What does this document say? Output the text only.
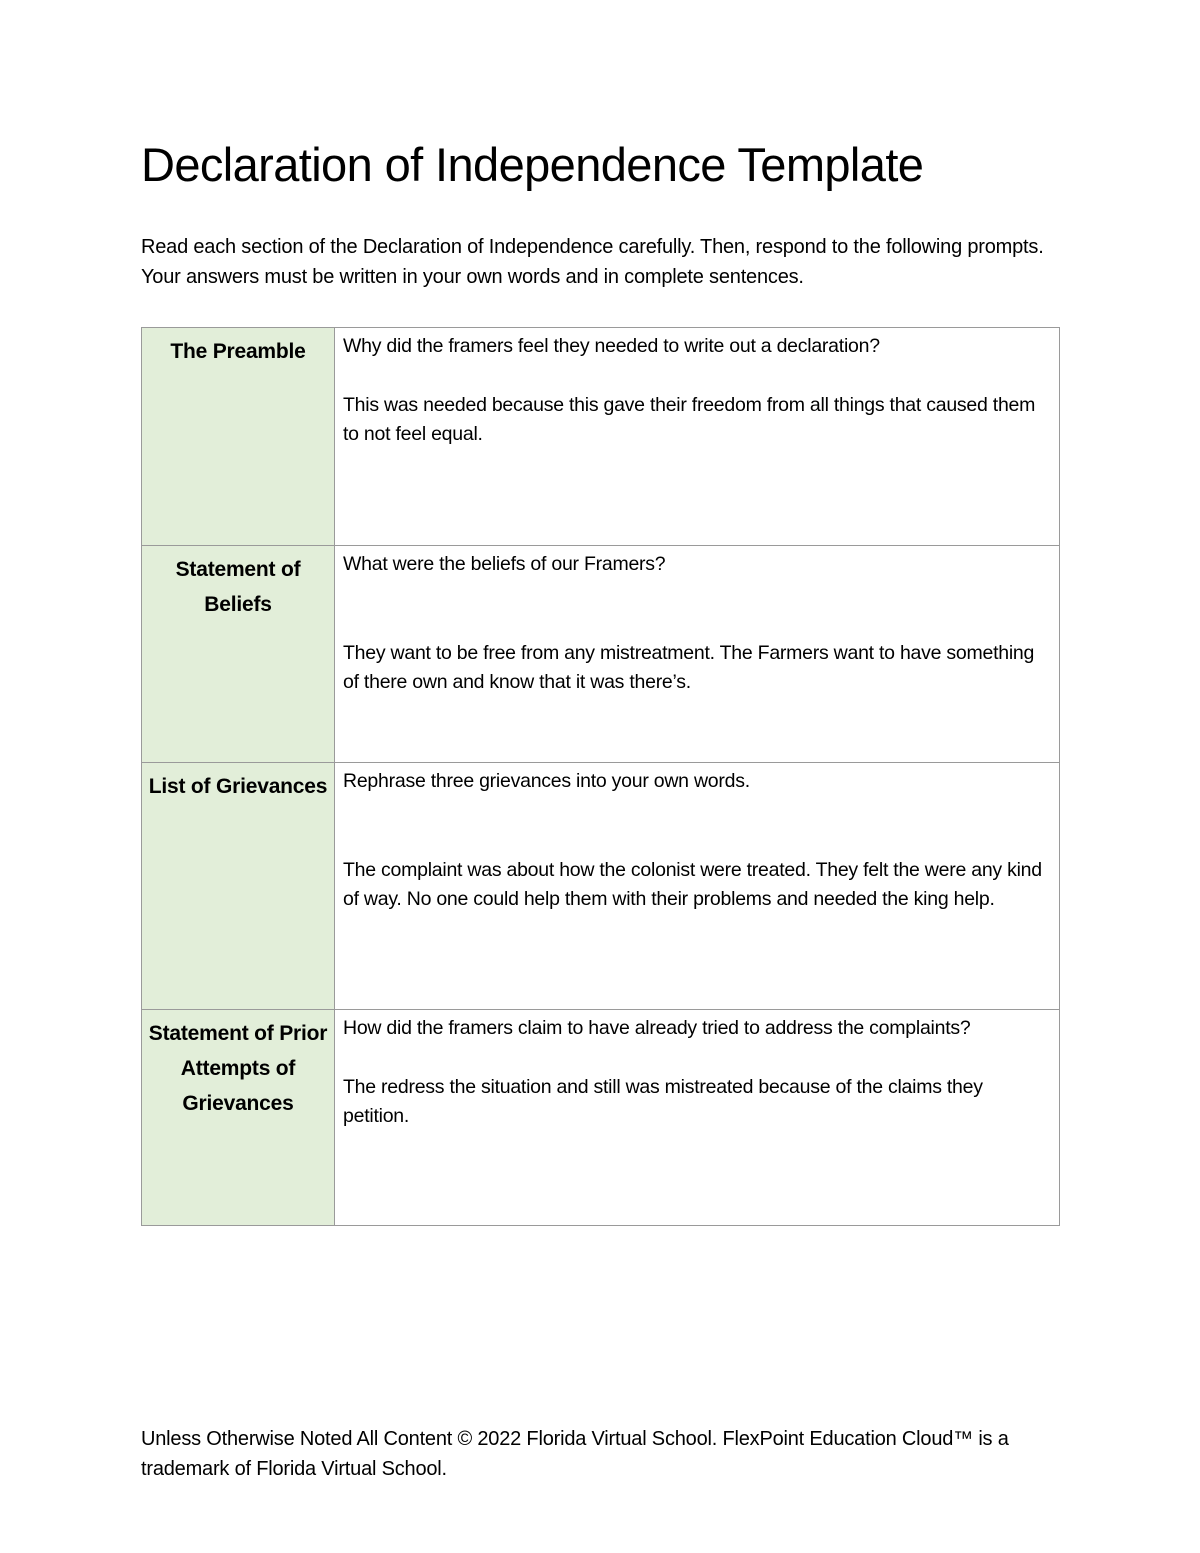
Declaration of Independence Template

Read each section of the Declaration of Independence carefully. Then, respond to the following prompts. Your answers must be written in your own words and in complete sentences.

The Preamble	Why did the framers feel they needed to write out a declaration?

This was needed because this gave their freedom from all things that caused them to not feel equal.

Statement of Beliefs	What were the beliefs of our Framers?

They want to be free from any mistreatment. The Farmers want to have something of there own and know that it was there’s.

List of Grievances	Rephrase three grievances into your own words.

The complaint was about how the colonist were treated. They felt the were any kind of way. No one could help them with their problems and needed the king help.

Statement of Prior Attempts of Grievances	How did the framers claim to have already tried to address the complaints?

The redress the situation and still was mistreated because of the claims they petition.

Unless Otherwise Noted All Content © 2022 Florida Virtual School. FlexPoint Education Cloud™ is a trademark of Florida Virtual School.
